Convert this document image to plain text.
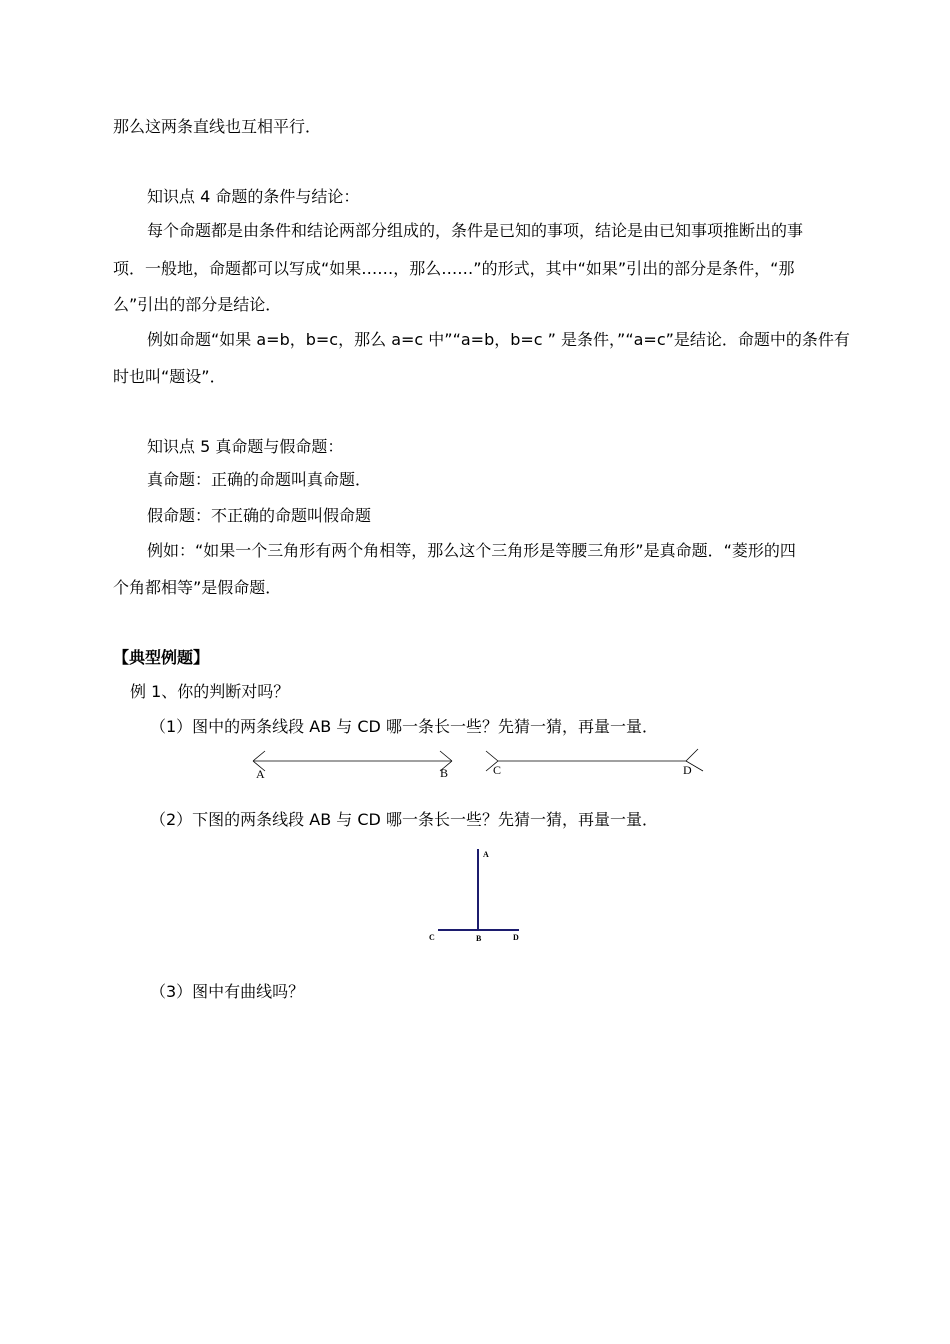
那么这两条直线也互相平行．
知识点 4 命题的条件与结论：
每个命题都是由条件和结论两部分组成的，条件是已知的事项，结论是由已知事项推断出的事
项．一般地，命题都可以写成“如果……，那么……”的形式，其中“如果”引出的部分是条件，“那
么”引出的部分是结论．
例如命题“如果 a=b，b=c，那么 a=c 中”“a=b，b=c ” 是条件，”“a=c”是结论．命题中的条件有
时也叫“题设”．
知识点 5 真命题与假命题：
真命题：正确的命题叫真命题．
假命题：不正确的命题叫假命题
例如：“如果一个三角形有两个角相等，那么这个三角形是等腰三角形”是真命题．“菱形的四
个角都相等”是假命题．
【典型例题】
例 1、你的判断对吗？
（1）图中的两条线段 AB 与 CD 哪一条长一些？先猜一猜，再量一量．
A	B	C	D
（2）下图的两条线段 AB 与 CD 哪一条长一些？先猜一猜，再量一量．
A
B
C	D
（3）图中有曲线吗？
